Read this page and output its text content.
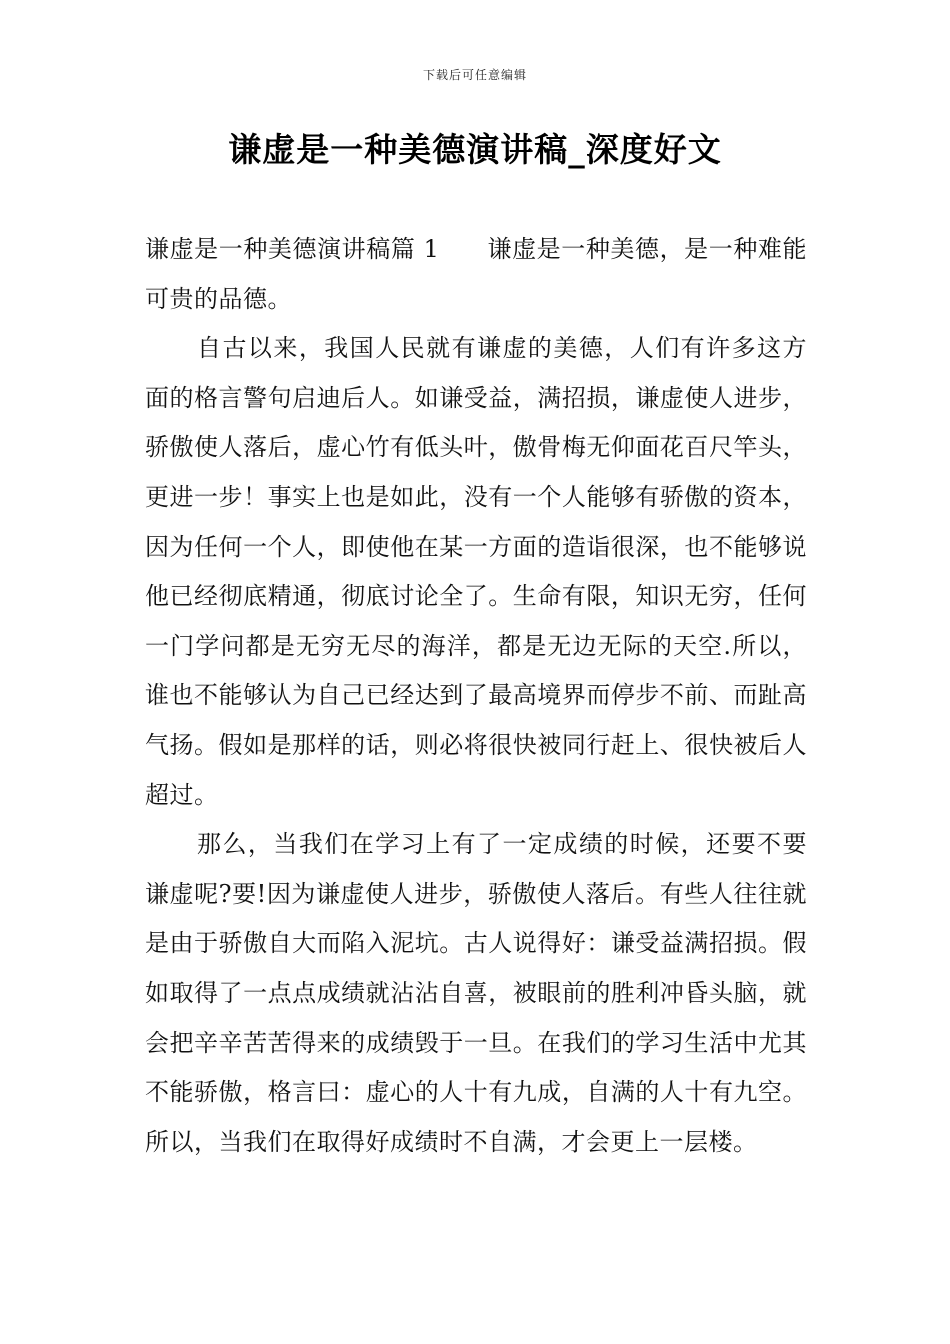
下载后可任意编辑
谦虚是一种美德演讲稿_深度好文

谦虚是一种美德演讲稿篇 1 谦虚是一种美德，是一种难能可贵的品德。

自古以来，我国人民就有谦虚的美德，人们有许多这方面的格言警句启迪后人。如谦受益，满招损，谦虚使人进步，骄傲使人落后，虚心竹有低头叶，傲骨梅无仰面花百尺竿头，更进一步！事实上也是如此，没有一个人能够有骄傲的资本，因为任何一个人，即使他在某一方面的造诣很深，也不能够说他已经彻底精通，彻底讨论全了。生命有限，知识无穷，任何一门学问都是无穷无尽的海洋，都是无边无际的天空.所以，谁也不能够认为自己已经达到了最高境界而停步不前、而趾高气扬。假如是那样的话，则必将很快被同行赶上、很快被后人超过。

那么，当我们在学习上有了一定成绩的时候，还要不要谦虚呢?要!因为谦虚使人进步，骄傲使人落后。有些人往往就是由于骄傲自大而陷入泥坑。古人说得好：谦受益满招损。假如取得了一点点成绩就沾沾自喜，被眼前的胜利冲昏头脑，就会把辛辛苦苦得来的成绩毁于一旦。在我们的学习生活中尤其不能骄傲，格言曰：虚心的人十有九成，自满的人十有九空。所以，当我们在取得好成绩时不自满，才会更上一层楼。
